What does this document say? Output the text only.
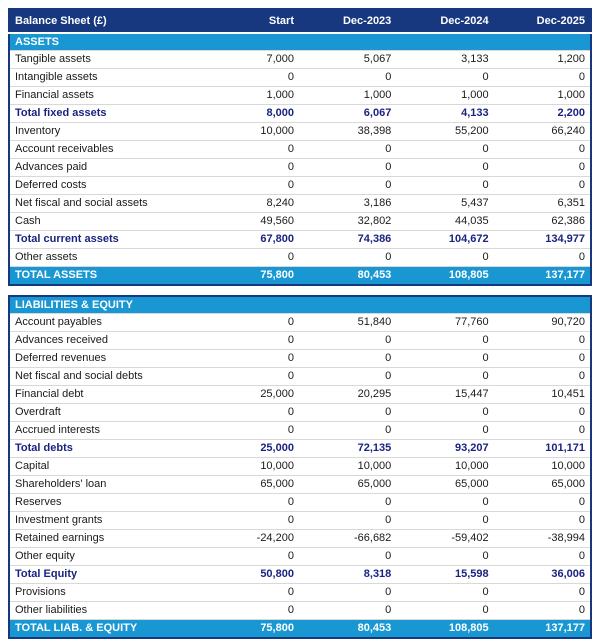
Balance Sheet (£)	Start	Dec-2023	Dec-2024	Dec-2025
ASSETS				
Tangible assets	7,000	5,067	3,133	1,200
Intangible assets	0	0	0	0
Financial assets	1,000	1,000	1,000	1,000
Total fixed assets	8,000	6,067	4,133	2,200
Inventory	10,000	38,398	55,200	66,240
Account receivables	0	0	0	0
Advances paid	0	0	0	0
Deferred costs	0	0	0	0
Net fiscal and social assets	8,240	3,186	5,437	6,351
Cash	49,560	32,802	44,035	62,386
Total current assets	67,800	74,386	104,672	134,977
Other assets	0	0	0	0
TOTAL ASSETS	75,800	80,453	108,805	137,177
LIABILITIES & EQUITY				
Account payables	0	51,840	77,760	90,720
Advances received	0	0	0	0
Deferred revenues	0	0	0	0
Net fiscal and social debts	0	0	0	0
Financial debt	25,000	20,295	15,447	10,451
Overdraft	0	0	0	0
Accrued interests	0	0	0	0
Total debts	25,000	72,135	93,207	101,171
Capital	10,000	10,000	10,000	10,000
Shareholders' loan	65,000	65,000	65,000	65,000
Reserves	0	0	0	0
Investment grants	0	0	0	0
Retained earnings	-24,200	-66,682	-59,402	-38,994
Other equity	0	0	0	0
Total Equity	50,800	8,318	15,598	36,006
Provisions	0	0	0	0
Other liabilities	0	0	0	0
TOTAL LIAB. & EQUITY	75,800	80,453	108,805	137,177
